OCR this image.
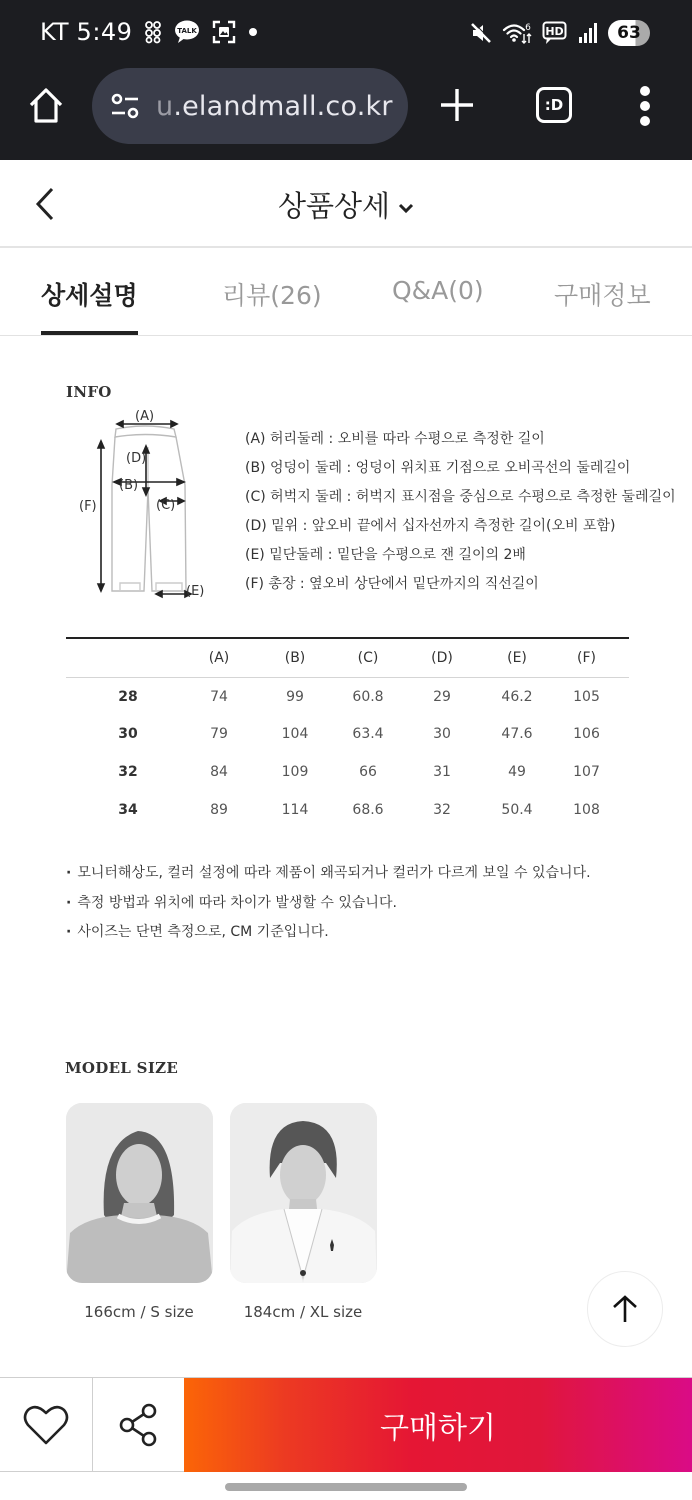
KT 5:49	TALK	6 HD	63
u.elandmall.co.kr	:D
상품상세
상세설명	리뷰(26)	Q&A(0)	구매정보
INFO
(A)
(D)
(B)
(C)
(F)
(E)
(A) 허리둘레 : 오비를 따라 수평으로 측정한 길이
(B) 엉덩이 둘레 : 엉덩이 위치표 기점으로 오비곡선의 둘레길이
(C) 허벅지 둘레 : 허벅지 표시점을 중심으로 수평으로 측정한 둘레길이
(D) 밑위 : 앞오비 끝에서 십자선까지 측정한 길이(오비 포함)
(E) 밑단둘레 : 밑단을 수평으로 잰 길이의 2배
(F) 총장 : 옆오비 상단에서 밑단까지의 직선길이
	(A)	(B)	(C)	(D)	(E)	(F)
28	74	99	60.8	29	46.2	105
30	79	104	63.4	30	47.6	106
32	84	109	66	31	49	107
34	89	114	68.6	32	50.4	108
· 모니터해상도, 컬러 설정에 따라 제품이 왜곡되거나 컬러가 다르게 보일 수 있습니다.
· 측정 방법과 위치에 따라 차이가 발생할 수 있습니다.
· 사이즈는 단면 측정으로, CM 기준입니다.
MODEL SIZE
166cm / S size	184cm / XL size
구매하기
